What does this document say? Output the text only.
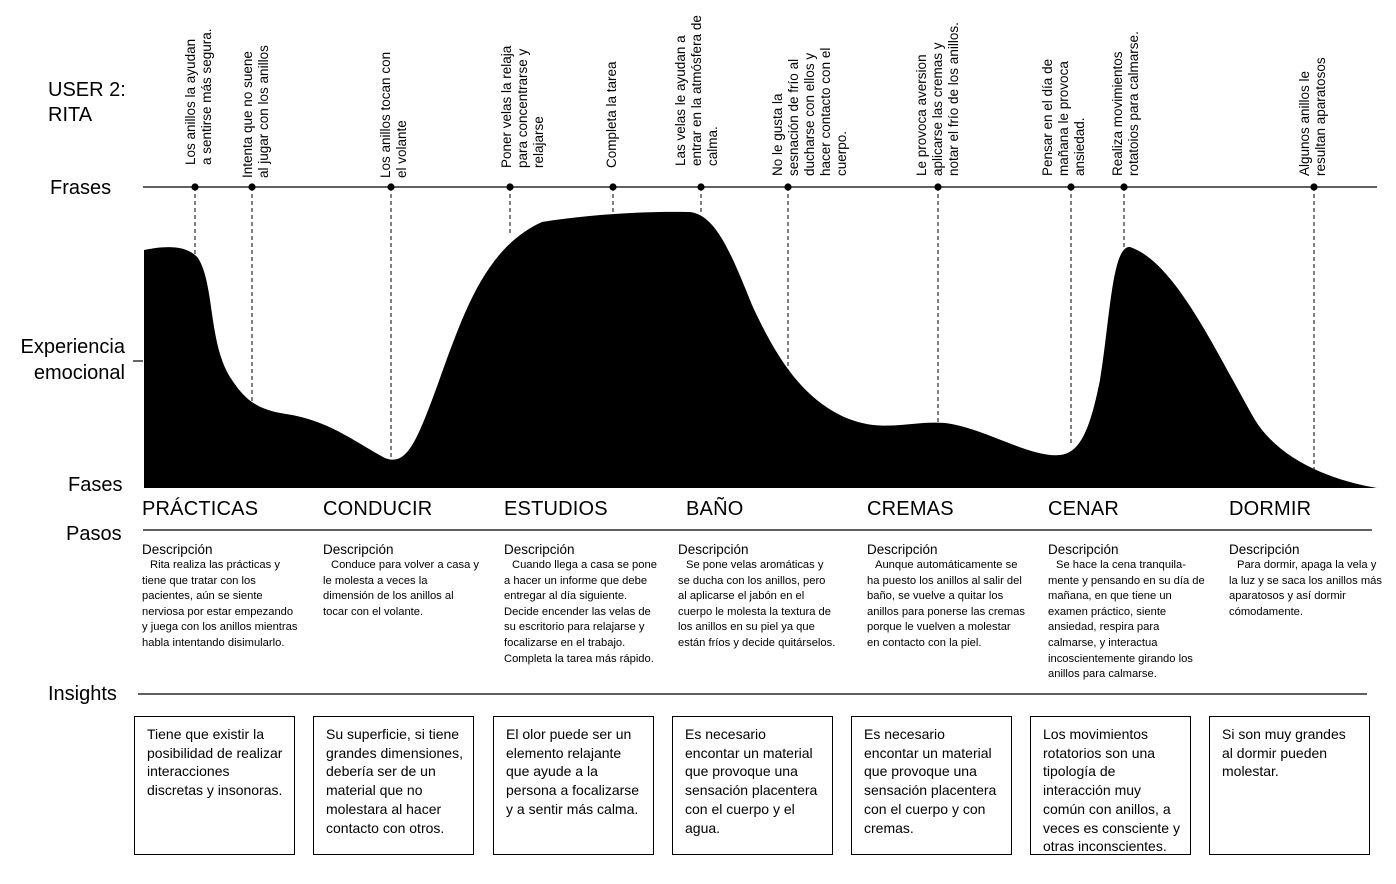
USER 2:
RITA
Frases
Experiencia
emocional
Fases
Pasos
Insights
Los anillos la ayudan
a sentirse más segura.
Intenta que no suene
al jugar con los anillos
Los anillos tocan con
el volante	Poner velas la relaja
para concentrarse y
relajarse	Completa la tarea	Las velas le ayudan a
entrar en la atmósfera de
calma.
No le gusta la
sesnación de frío al
ducharse con ellos y
hacer contacto con el
cuerpo.	Le provoca aversion
aplicarse las cremas y
notar el frío de los anillos.
Pensar en el día de
mañana le provoca
ansiedad. Realiza movimientos
rotatoios para calmarse.
Algunos anillos le
resultan aparatosos
PRÁCTICAS	CONDUCIR	ESTUDIOS	BAÑO	CREMAS	CENAR	DORMIR
Descripción
Rita realiza las prácticas y tiene que tratar con los pacientes, aún se siente nerviosa por estar empezando y juega con los anillos mientras habla intentando disimularlo.
Descripción
Conduce para volver a casa y le molesta a veces la dimensión de los anillos al tocar con el volante.
Descripción
Cuando llega a casa se pone a hacer un informe que debe entregar al día siguiente. Decide encender las velas de su escritorio para relajarse y focalizarse en el trabajo. Completa la tarea más rápido.
Descripción
Se pone velas aromáticas y se ducha con los anillos, pero al aplicarse el jabón en el cuerpo le molesta la textura de los anillos en su piel ya que están fríos y decide quitárselos.
Descripción
Aunque automáticamente se ha puesto los anillos al salir del baño, se vuelve a quitar los anillos para ponerse las cremas porque le vuelven a molestar en contacto con la piel.
Descripción
Se hace la cena tranquila- mente y pensando en su día de mañana, en que tiene un examen práctico, siente ansiedad, respira para calmarse, y interactua incoscientemente girando los anillos para calmarse.
Descripción
Para dormir, apaga la vela y la luz y se saca los anillos más aparatosos y así dormir cómodamente.
Tiene que existir la posibilidad de realizar interacciones discretas y insonoras.
Su superficie, si tiene grandes dimensiones, debería ser de un material que no molestara al hacer contacto con otros.
El olor puede ser un elemento relajante que ayude a la persona a focalizarse y a sentir más calma.
Es necesario encontar un material que provoque una sensación placentera con el cuerpo y el agua.
Es necesario encontar un material que provoque una sensación placentera con el cuerpo y con cremas.
Los movimientos rotatorios son una tipología de interacción muy común con anillos, a veces es consciente y otras inconscientes.
Si son muy grandes al dormir pueden molestar.
